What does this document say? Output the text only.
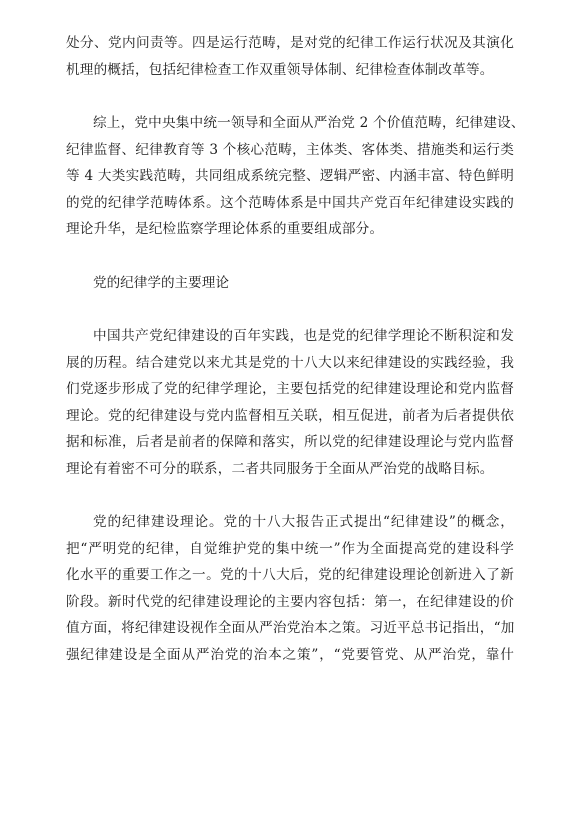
处分、党内问责等。四是运行范畴，是对党的纪律工作运行状况及其演化
机理的概括，包括纪律检查工作双重领导体制、纪律检查体制改革等。
综上，党中央集中统一领导和全面从严治党 2 个价值范畴，纪律建设、
纪律监督、纪律教育等 3 个核心范畴，主体类、客体类、措施类和运行类
等 4 大类实践范畴，共同组成系统完整、逻辑严密、内涵丰富、特色鲜明
的党的纪律学范畴体系。这个范畴体系是中国共产党百年纪律建设实践的
理论升华，是纪检监察学理论体系的重要组成部分。
党的纪律学的主要理论
中国共产党纪律建设的百年实践，也是党的纪律学理论不断积淀和发
展的历程。结合建党以来尤其是党的十八大以来纪律建设的实践经验，我
们党逐步形成了党的纪律学理论，主要包括党的纪律建设理论和党内监督
理论。党的纪律建设与党内监督相互关联，相互促进，前者为后者提供依
据和标准，后者是前者的保障和落实，所以党的纪律建设理论与党内监督
理论有着密不可分的联系，二者共同服务于全面从严治党的战略目标。
党的纪律建设理论。党的十八大报告正式提出“纪律建设”的概念，
把“严明党的纪律，自觉维护党的集中统一”作为全面提高党的建设科学
化水平的重要工作之一。党的十八大后，党的纪律建设理论创新进入了新
阶段。新时代党的纪律建设理论的主要内容包括：第一，在纪律建设的价
值方面，将纪律建设视作全面从严治党治本之策。习近平总书记指出，“加
强纪律建设是全面从严治党的治本之策”，“党要管党、从严治党，靠什
